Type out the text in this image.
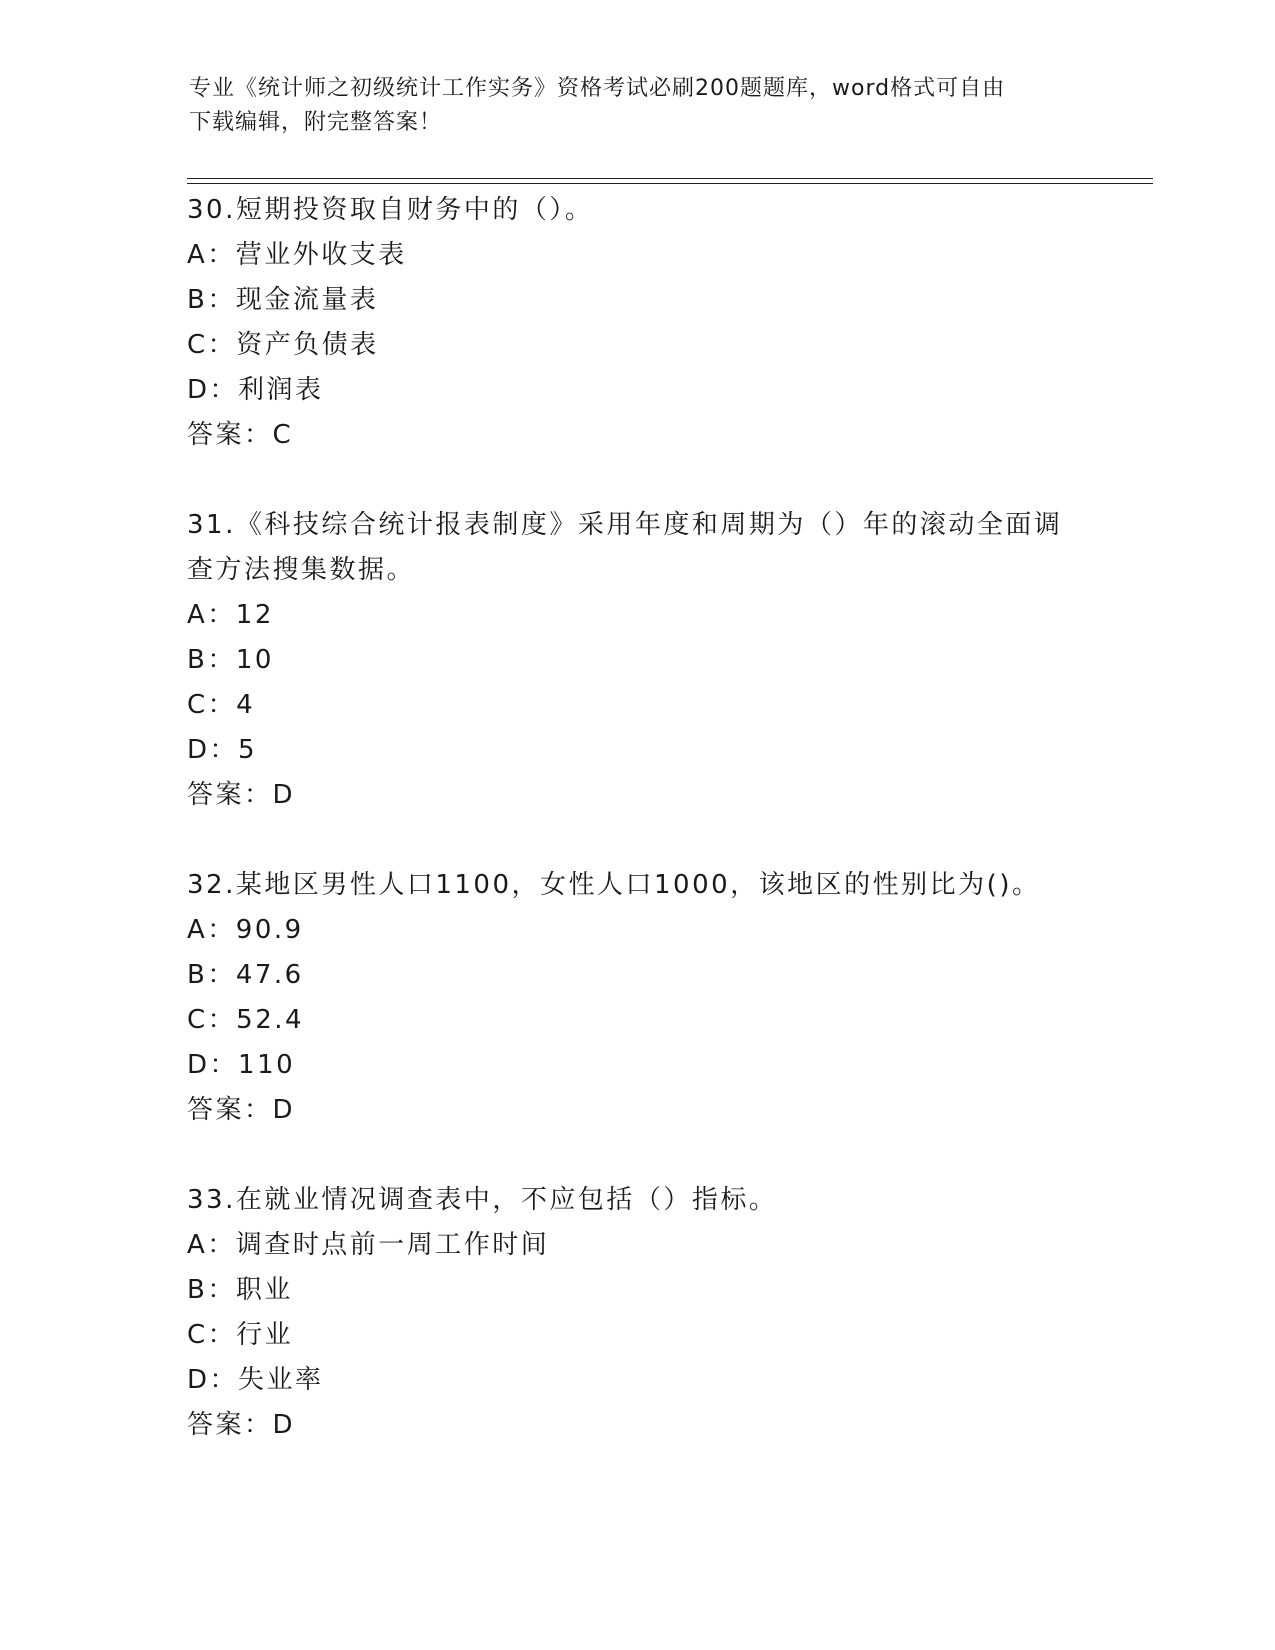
专业《统计师之初级统计工作实务》资格考试必刷200题题库，word格式可自由
下载编辑，附完整答案！
30.短期投资取自财务中的（）。
A：营业外收支表
B：现金流量表
C：资产负债表
D：利润表
答案：C
31.《科技综合统计报表制度》采用年度和周期为（）年的滚动全面调
查方法搜集数据。
A：12
B：10
C：4
D：5
答案：D
32.某地区男性人口1100，女性人口1000，该地区的性别比为()。
A：90.9
B：47.6
C：52.4
D：110
答案：D
33.在就业情况调查表中，不应包括（）指标。
A：调查时点前一周工作时间
B：职业
C：行业
D：失业率
答案：D
